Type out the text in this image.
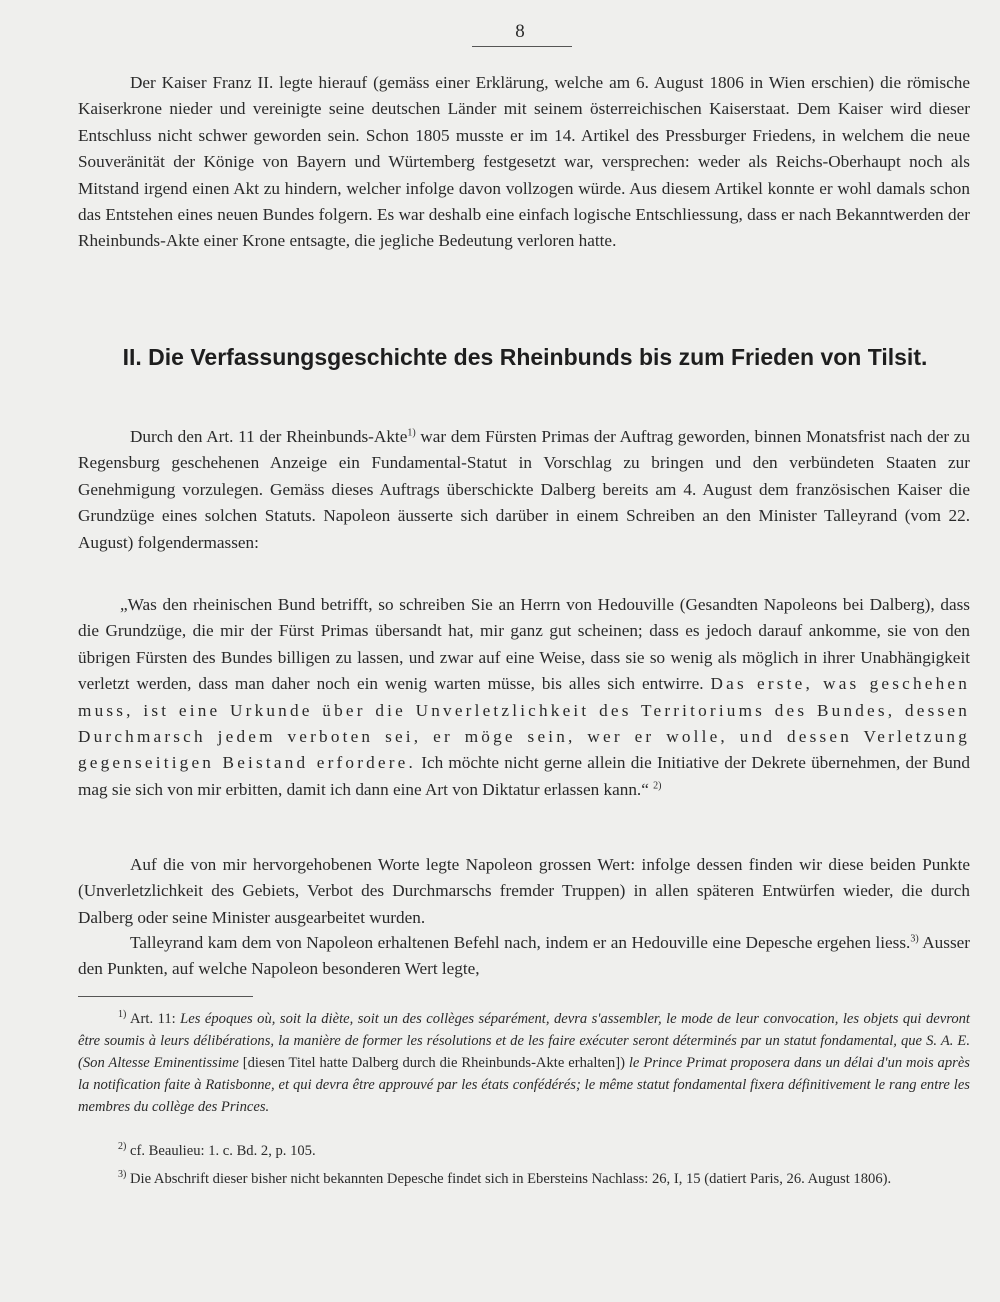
8

Der Kaiser Franz II. legte hierauf (gemäss einer Erklärung, welche am 6. August 1806 in Wien erschien) die römische Kaiserkrone nieder und vereinigte seine deutschen Länder mit seinem österreichischen Kaiserstaat. Dem Kaiser wird dieser Entschluss nicht schwer geworden sein. Schon 1805 musste er im 14. Artikel des Pressburger Friedens, in welchem die neue Souveränität der Könige von Bayern und Würtemberg festgesetzt war, versprechen: weder als Reichs-Oberhaupt noch als Mitstand irgend einen Akt zu hindern, welcher infolge davon vollzogen würde. Aus diesem Artikel konnte er wohl damals schon das Entstehen eines neuen Bundes folgern. Es war deshalb eine einfach logische Entschliessung, dass er nach Bekanntwerden der Rheinbunds-Akte einer Krone entsagte, die jegliche Bedeutung verloren hatte.

II. Die Verfassungsgeschichte des Rheinbunds bis zum Frieden von Tilsit.

Durch den Art. 11 der Rheinbunds-Akte$^{1)}$ war dem Fürsten Primas der Auftrag geworden, binnen Monatsfrist nach der zu Regensburg geschehenen Anzeige ein Fundamental-Statut in Vorschlag zu bringen und den verbündeten Staaten zur Genehmigung vorzulegen. Gemäss dieses Auftrags überschickte Dalberg bereits am 4. August dem französischen Kaiser die Grundzüge eines solchen Statuts. Napoleon äusserte sich darüber in einem Schreiben an den Minister Talleyrand (vom 22. August) folgendermassen:

„Was den rheinischen Bund betrifft, so schreiben Sie an Herrn von Hedouville (Gesandten Napoleons bei Dalberg), dass die Grundzüge, die mir der Fürst Primas übersandt hat, mir ganz gut scheinen; dass es jedoch darauf ankomme, sie von den übrigen Fürsten des Bundes billigen zu lassen, und zwar auf eine Weise, dass sie so wenig als möglich in ihrer Unabhängigkeit verletzt werden, dass man daher noch ein wenig warten müsse, bis alles sich entwirre. Das erste, was geschehen muss, ist eine Urkunde über die Unverletzlichkeit des Territoriums des Bundes, dessen Durchmarsch jedem verboten sei, er möge sein, wer er wolle, und dessen Verletzung gegenseitigen Beistand erfordere. Ich möchte nicht gerne allein die Initiative der Dekrete übernehmen, der Bund mag sie sich von mir erbitten, damit ich dann eine Art von Diktatur erlassen kann.“ $^{2)}$

Auf die von mir hervorgehobenen Worte legte Napoleon grossen Wert: infolge dessen finden wir diese beiden Punkte (Unverletzlichkeit des Gebiets, Verbot des Durchmarschs fremder Truppen) in allen späteren Entwürfen wieder, die durch Dalberg oder seine Minister ausgearbeitet wurden.

Talleyrand kam dem von Napoleon erhaltenen Befehl nach, indem er an Hedouville eine Depesche ergehen liess.$^{3)}$ Ausser den Punkten, auf welche Napoleon besonderen Wert legte,

$^{1)}$ Art. 11: Les époques où, soit la diète, soit un des collèges séparément, devra s'assembler, le mode de leur convocation, les objets qui devront être soumis à leurs délibérations, la manière de former les résolutions et de les faire exécuter seront déterminés par un statut fondamental, que S. A. E. (Son Altesse Eminentissime [diesen Titel hatte Dalberg durch die Rheinbunds-Akte erhalten]) le Prince Primat proposera dans un délai d'un mois après la notification faite à Ratisbonne, et qui devra être approuvé par les états confédérés; le même statut fondamental fixera définitivement le rang entre les membres du collège des Princes.

$^{2)}$ cf. Beaulieu: 1. c. Bd. 2, p. 105.

$^{3)}$ Die Abschrift dieser bisher nicht bekannten Depesche findet sich in Ebersteins Nachlass: 26, I, 15 (datiert Paris, 26. August 1806).
